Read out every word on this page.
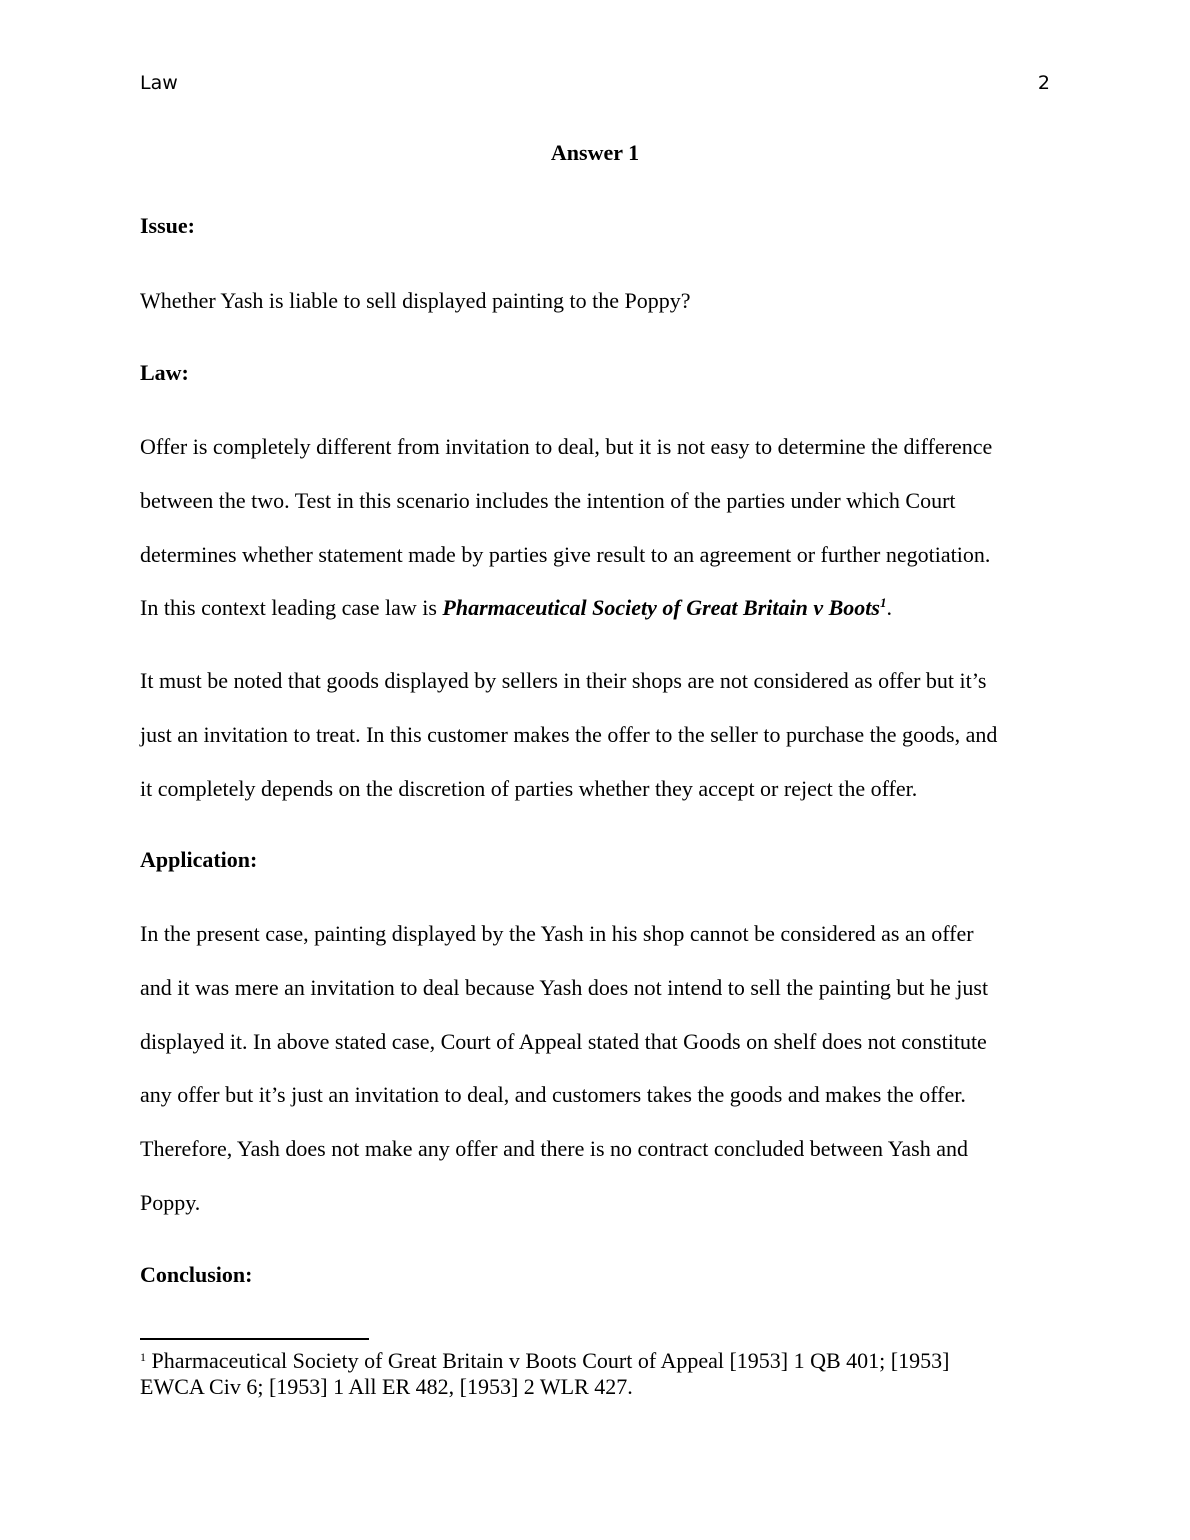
Law	2
Answer 1
Issue:
Whether Yash is liable to sell displayed painting to the Poppy?
Law:
Offer is completely different from invitation to deal, but it is not easy to determine the difference
between the two. Test in this scenario includes the intention of the parties under which Court
determines whether statement made by parties give result to an agreement or further negotiation.
In this context leading case law is Pharmaceutical Society of Great Britain v Boots$^1$.
It must be noted that goods displayed by sellers in their shops are not considered as offer but it’s
just an invitation to treat. In this customer makes the offer to the seller to purchase the goods, and
it completely depends on the discretion of parties whether they accept or reject the offer.
Application:
In the present case, painting displayed by the Yash in his shop cannot be considered as an offer
and it was mere an invitation to deal because Yash does not intend to sell the painting but he just
displayed it. In above stated case, Court of Appeal stated that Goods on shelf does not constitute
any offer but it’s just an invitation to deal, and customers takes the goods and makes the offer.
Therefore, Yash does not make any offer and there is no contract concluded between Yash and
Poppy.
Conclusion:
$^1$ Pharmaceutical Society of Great Britain v Boots Court of Appeal [1953] 1 QB 401; [1953]
EWCA Civ 6; [1953] 1 All ER 482, [1953] 2 WLR 427.
